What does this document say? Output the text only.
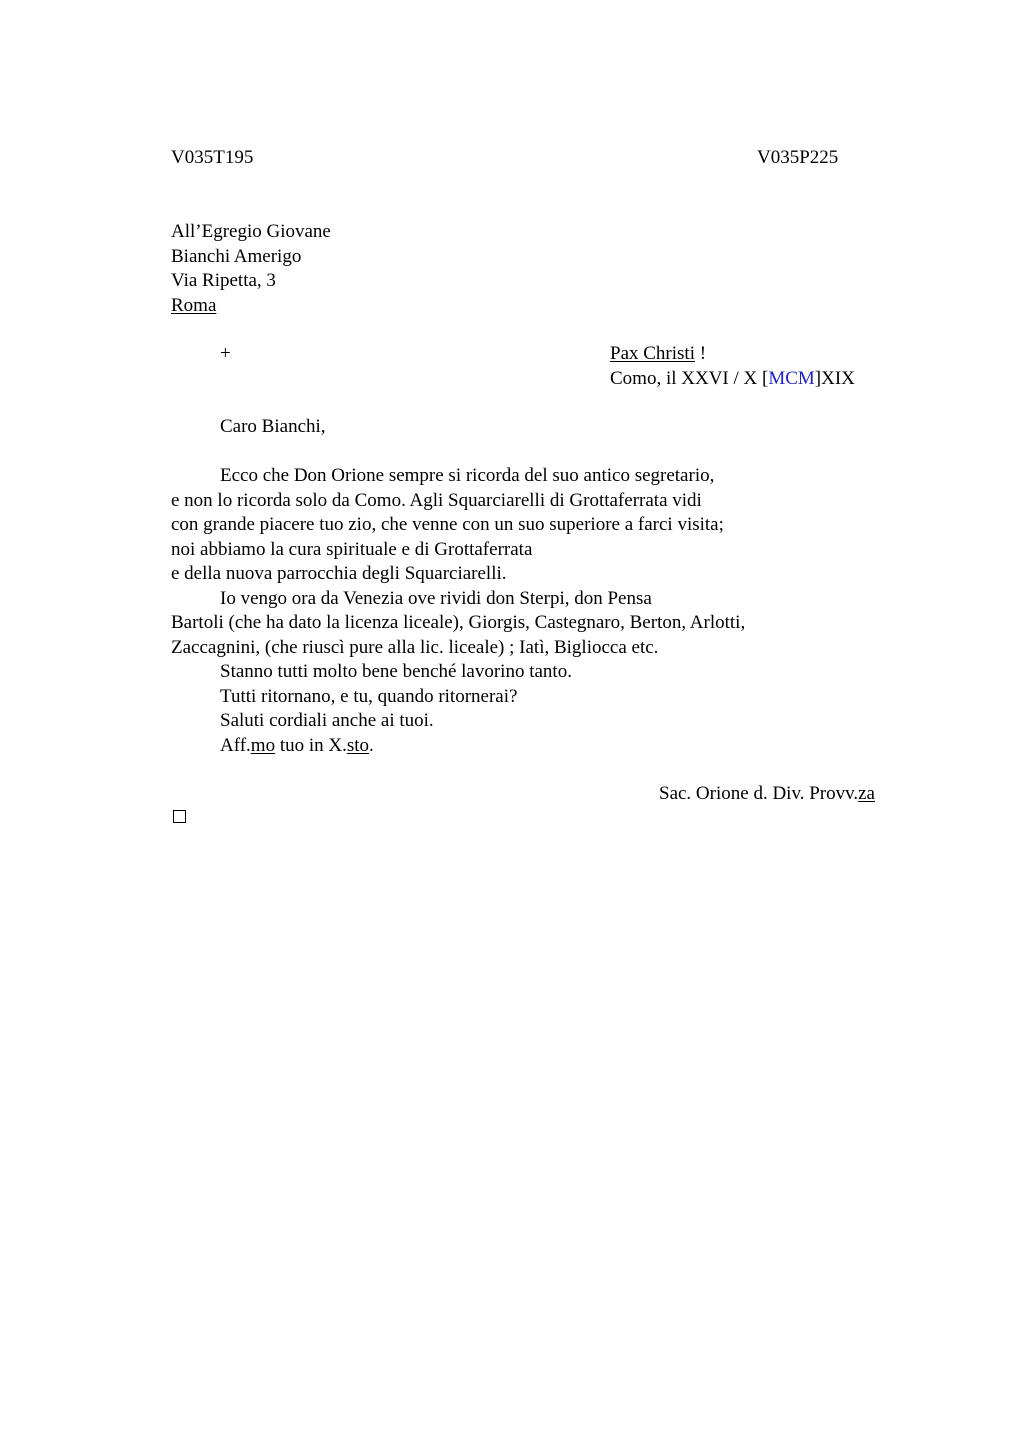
V035T195	V035P225
All’Egregio Giovane
Bianchi Amerigo
Via Ripetta, 3
Roma
+	Pax Christi !
Como, il XXVI / X [MCM]XIX
Caro Bianchi,
Ecco che Don Orione sempre si ricorda del suo antico segretario,
e non lo ricorda solo da Como. Agli Squarciarelli di Grottaferrata vidi
con grande piacere tuo zio, che venne con un suo superiore a farci visita;
noi abbiamo la cura spirituale e di Grottaferrata
e della nuova parrocchia degli Squarciarelli.
Io vengo ora da Venezia ove rividi don Sterpi, don Pensa
Bartoli (che ha dato la licenza liceale), Giorgis, Castegnaro, Berton, Arlotti,
Zaccagnini, (che riuscì pure alla lic. liceale) ; Iatì, Bigliocca etc.
Stanno tutti molto bene benché lavorino tanto.
Tutti ritornano, e tu, quando ritornerai?
Saluti cordiali anche ai tuoi.
Aff.mo tuo in X.sto.
Sac. Orione d. Div. Provv.za
